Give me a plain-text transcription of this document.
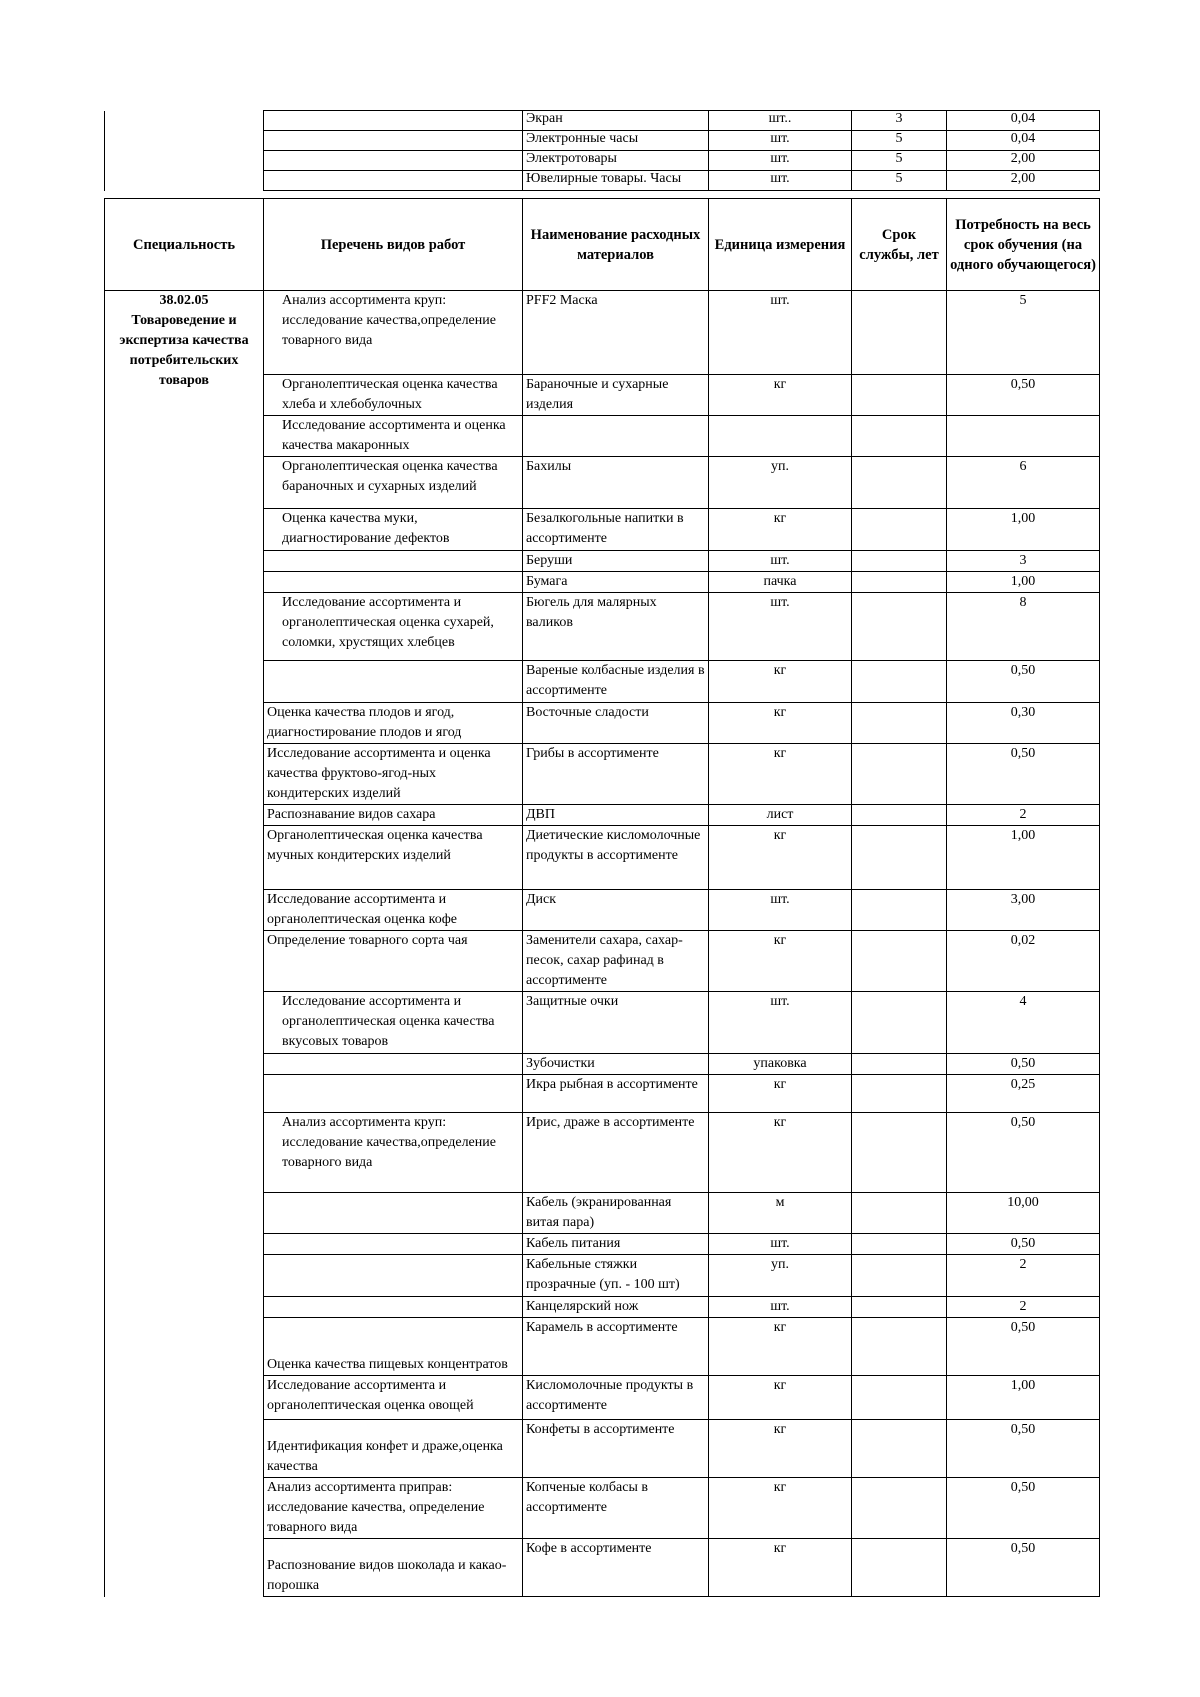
		Экран	шт..	3	0,04
		Электронные часы	шт.	5	0,04
		Электротовары	шт.	5	2,00
		Ювелирные товары. Часы	шт.	5	2,00
Специальность	Перечень видов работ	Наименование расходных материалов	Единица измерения	Срок службы, лет	Потребность на весь срок обучения (на одного обучающегося)

38.02.05 Товароведение и экспертиза качества потребительских товаров	Анализ ассортимента круп: исследование качества,определение товарного вида	PFF2 Маска	шт.		5
	Органолептическая оценка качества хлеба и хлебобулочных	Бараночные и сухарные изделия	кг		0,50
	Исследование ассортимента и оценка качества макаронных				
	Органолептическая оценка качества бараночных и сухарных изделий	Бахилы	уп.		6
	Оценка качества муки, диагностирование дефектов	Безалкогольные напитки в ассортименте	кг		1,00
		Беруши	шт.		3
		Бумага	пачка		1,00
	Исследование ассортимента и органолептическая оценка сухарей, соломки, хрустящих хлебцев	Бюгель для малярных валиков	шт.		8
		Вареные колбасные изделия в ассортименте	кг		0,50
	Оценка качества плодов и ягод, диагностирование плодов и ягод	Восточные сладости	кг		0,30
	Исследование ассортимента и оценка качества фруктово-ягод-ных кондитерских изделий	Грибы в ассортименте	кг		0,50
	Распознавание видов сахара	ДВП	лист		2
	Органолептическая оценка качества мучных кондитерских изделий	Диетические кисломолочные продукты в ассортименте	кг		1,00
	Исследование ассортимента и органолептическая оценка кофе	Диск	шт.		3,00
	Определение товарного сорта чая	Заменители сахара, сахар-песок, сахар рафинад в ассортименте	кг		0,02
	Исследование ассортимента и органолептическая оценка качества вкусовых товаров	Защитные очки	шт.		4
		Зубочистки	упаковка		0,50
		Икра рыбная в ассортименте	кг		0,25
	Анализ ассортимента круп: исследование качества,определение товарного вида	Ирис, драже в ассортименте	кг		0,50
		Кабель (экранированная витая пара)	м		10,00
		Кабель питания	шт.		0,50
		Кабельные стяжки прозрачные (уп. - 100 шт)	уп.		2
		Канцелярский нож	шт.		2
	Оценка качества пищевых концентратов	Карамель в ассортименте	кг		0,50
	Исследование ассортимента и органолептическая оценка овощей	Кисломолочные продукты в ассортименте	кг		1,00
	Идентификация конфет и драже,оценка качества	Конфеты в ассортименте	кг		0,50
	Анализ ассортимента приправ: исследование качества, определение товарного вида	Копченые колбасы в ассортименте	кг		0,50
	Распознование видов шоколада и какао-порошка	Кофе в ассортименте	кг		0,50
